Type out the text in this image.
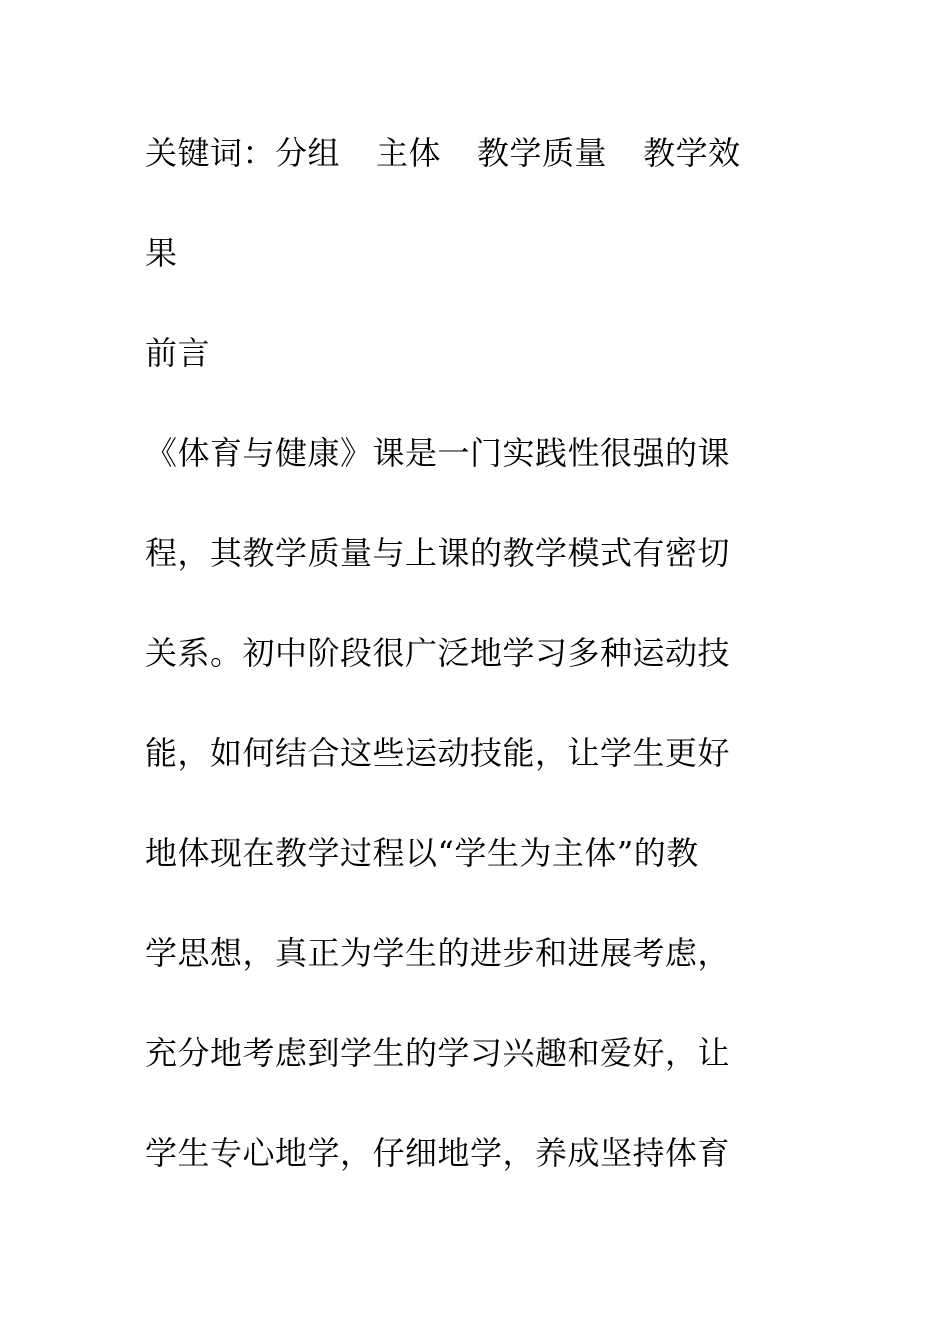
关键词：分组 主体 教学质量 教学效
果
前言
《体育与健康》课是一门实践性很强的课
程，其教学质量与上课的教学模式有密切
关系。初中阶段很广泛地学习多种运动技
能，如何结合这些运动技能，让学生更好
地体现在教学过程以“学生为主体”的教
学思想，真正为学生的进步和进展考虑，
充分地考虑到学生的学习兴趣和爱好，让
学生专心地学，仔细地学，养成坚持体育
